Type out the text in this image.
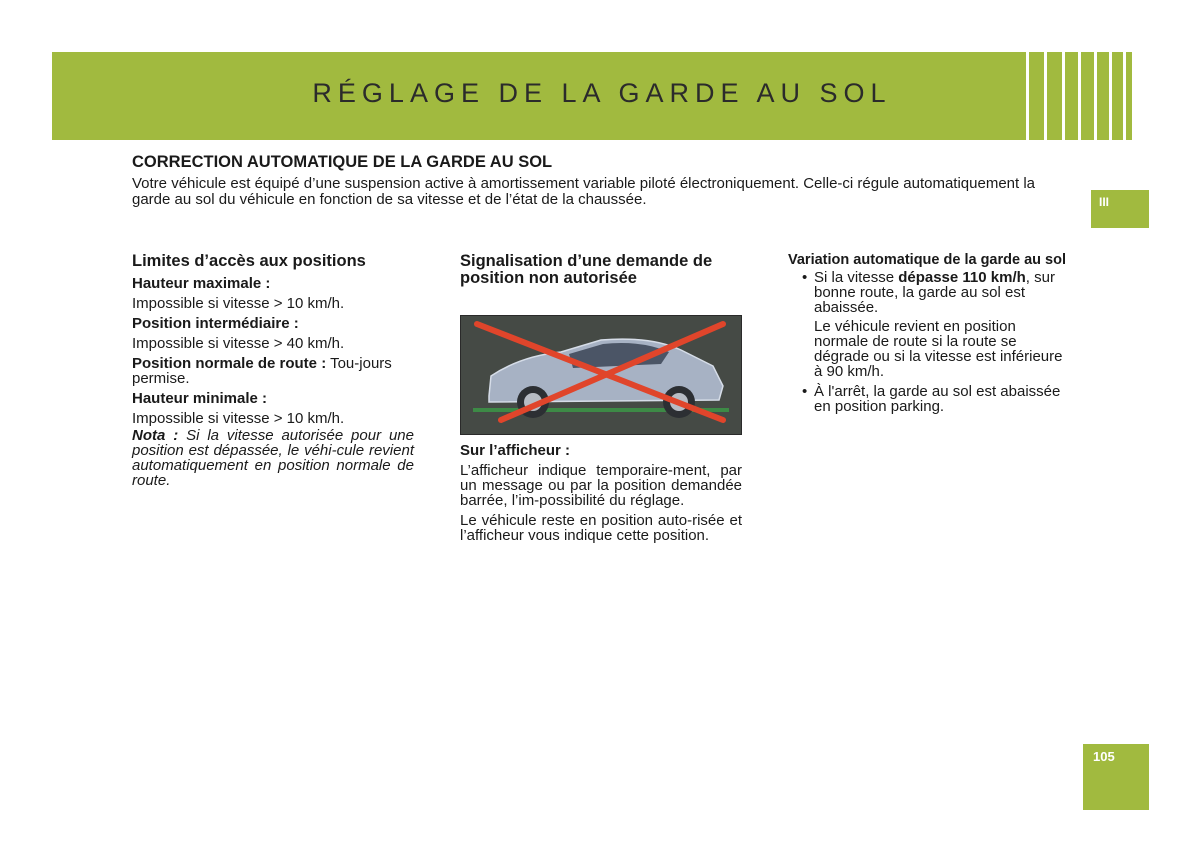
RÉGLAGE DE LA GARDE AU SOL
III
105
CORRECTION AUTOMATIQUE DE LA GARDE AU SOL

Votre véhicule est équipé d’une suspension active à amortissement variable piloté électroniquement. Celle-ci régule automatiquement la garde au sol du véhicule en fonction de sa vitesse et de l’état de la chaussée.

Limites d’accès aux positions
Hauteur maximale :

Impossible si vitesse > 10 km/h.

Position intermédiaire :

Impossible si vitesse > 40 km/h.

Position normale de route : Tou-jours permise.

Hauteur minimale :

Impossible si vitesse > 10 km/h.

Nota : Si la vitesse autorisée pour une position est dépassée, le véhi-cule revient automatiquement en position normale de route.

Signalisation d’une demande de position non autorisée
Sur l’afficheur :

L’afficheur indique temporaire-ment, par un message ou par la position demandée barrée, l’im-possibilité du réglage.

Le véhicule reste en position auto-risée et l’afficheur vous indique cette position.

Variation automatique de la garde au sol
• Si la vitesse dépasse 110 km/h, sur bonne route, la garde au sol est abaissée.

Le véhicule revient en position normale de route si la route se dégrade ou si la vitesse est inférieure à 90 km/h.

• À l'arrêt, la garde au sol est abaissée en position parking.
